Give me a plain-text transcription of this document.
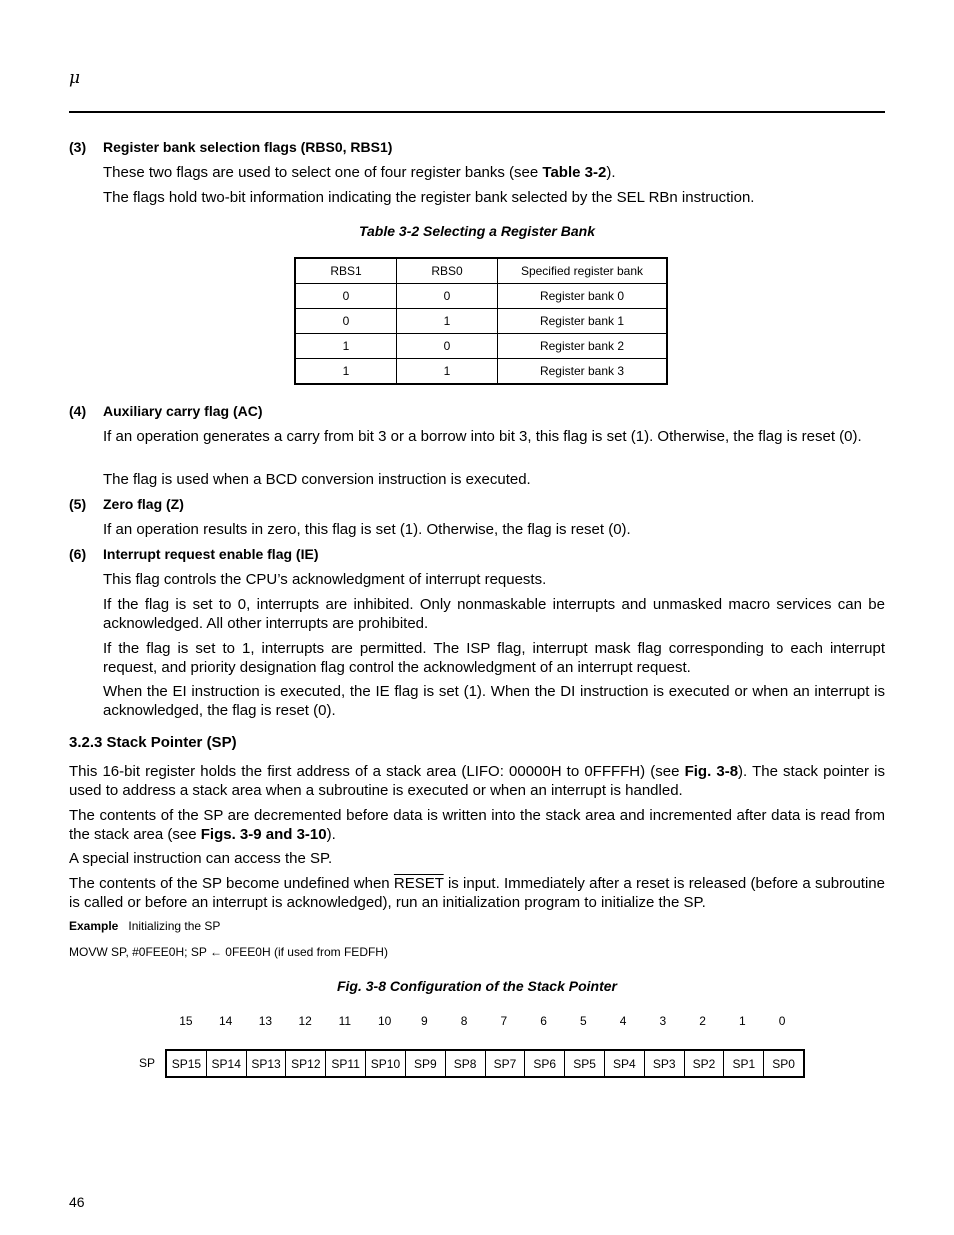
μ
(3) Register bank selection flags (RBS0, RBS1)
These two flags are used to select one of four register banks (see Table 3-2).
The flags hold two-bit information indicating the register bank selected by the SEL RBn instruction.
Table 3-2 Selecting a Register Bank
RBS1	RBS0	Specified register bank
0	0	Register bank 0
0	1	Register bank 1
1	0	Register bank 2
1	1	Register bank 3
(4) Auxiliary carry flag (AC)
If an operation generates a carry from bit 3 or a borrow into bit 3, this flag is set (1). Otherwise, the flag is reset (0).
The flag is used when a BCD conversion instruction is executed.
(5) Zero flag (Z)
If an operation results in zero, this flag is set (1). Otherwise, the flag is reset (0).
(6) Interrupt request enable flag (IE)
This flag controls the CPU’s acknowledgment of interrupt requests.
If the flag is set to 0, interrupts are inhibited. Only nonmaskable interrupts and unmasked macro services can be acknowledged. All other interrupts are prohibited.
If the flag is set to 1, interrupts are permitted. The ISP flag, interrupt mask flag corresponding to each interrupt request, and priority designation flag control the acknowledgment of an interrupt request.
When the EI instruction is executed, the IE flag is set (1). When the DI instruction is executed or when an interrupt is acknowledged, the flag is reset (0).
3.2.3 Stack Pointer (SP)
This 16-bit register holds the first address of a stack area (LIFO: 00000H to 0FFFFH) (see Fig. 3-8). The stack pointer is used to address a stack area when a subroutine is executed or when an interrupt is handled.
The contents of the SP are decremented before data is written into the stack area and incremented after data is read from the stack area (see Figs. 3-9 and 3-10).
A special instruction can access the SP.
The contents of the SP become undefined when RESET is input. Immediately after a reset is released (before a subroutine is called or before an interrupt is acknowledged), run an initialization program to initialize the SP.
Example Initializing the SP
MOVW SP, #0FEE0H; SP ← 0FEE0H (if used from FEDFH)
Fig. 3-8 Configuration of the Stack Pointer
15	14	13	12	11	10	9	8	7	6	5	4	3	2	1	0
SP	SP15 SP14 SP13 SP12 SP11 SP10	SP9	SP8	SP7	SP6	SP5	SP4	SP3	SP2	SP1	SP0
46
